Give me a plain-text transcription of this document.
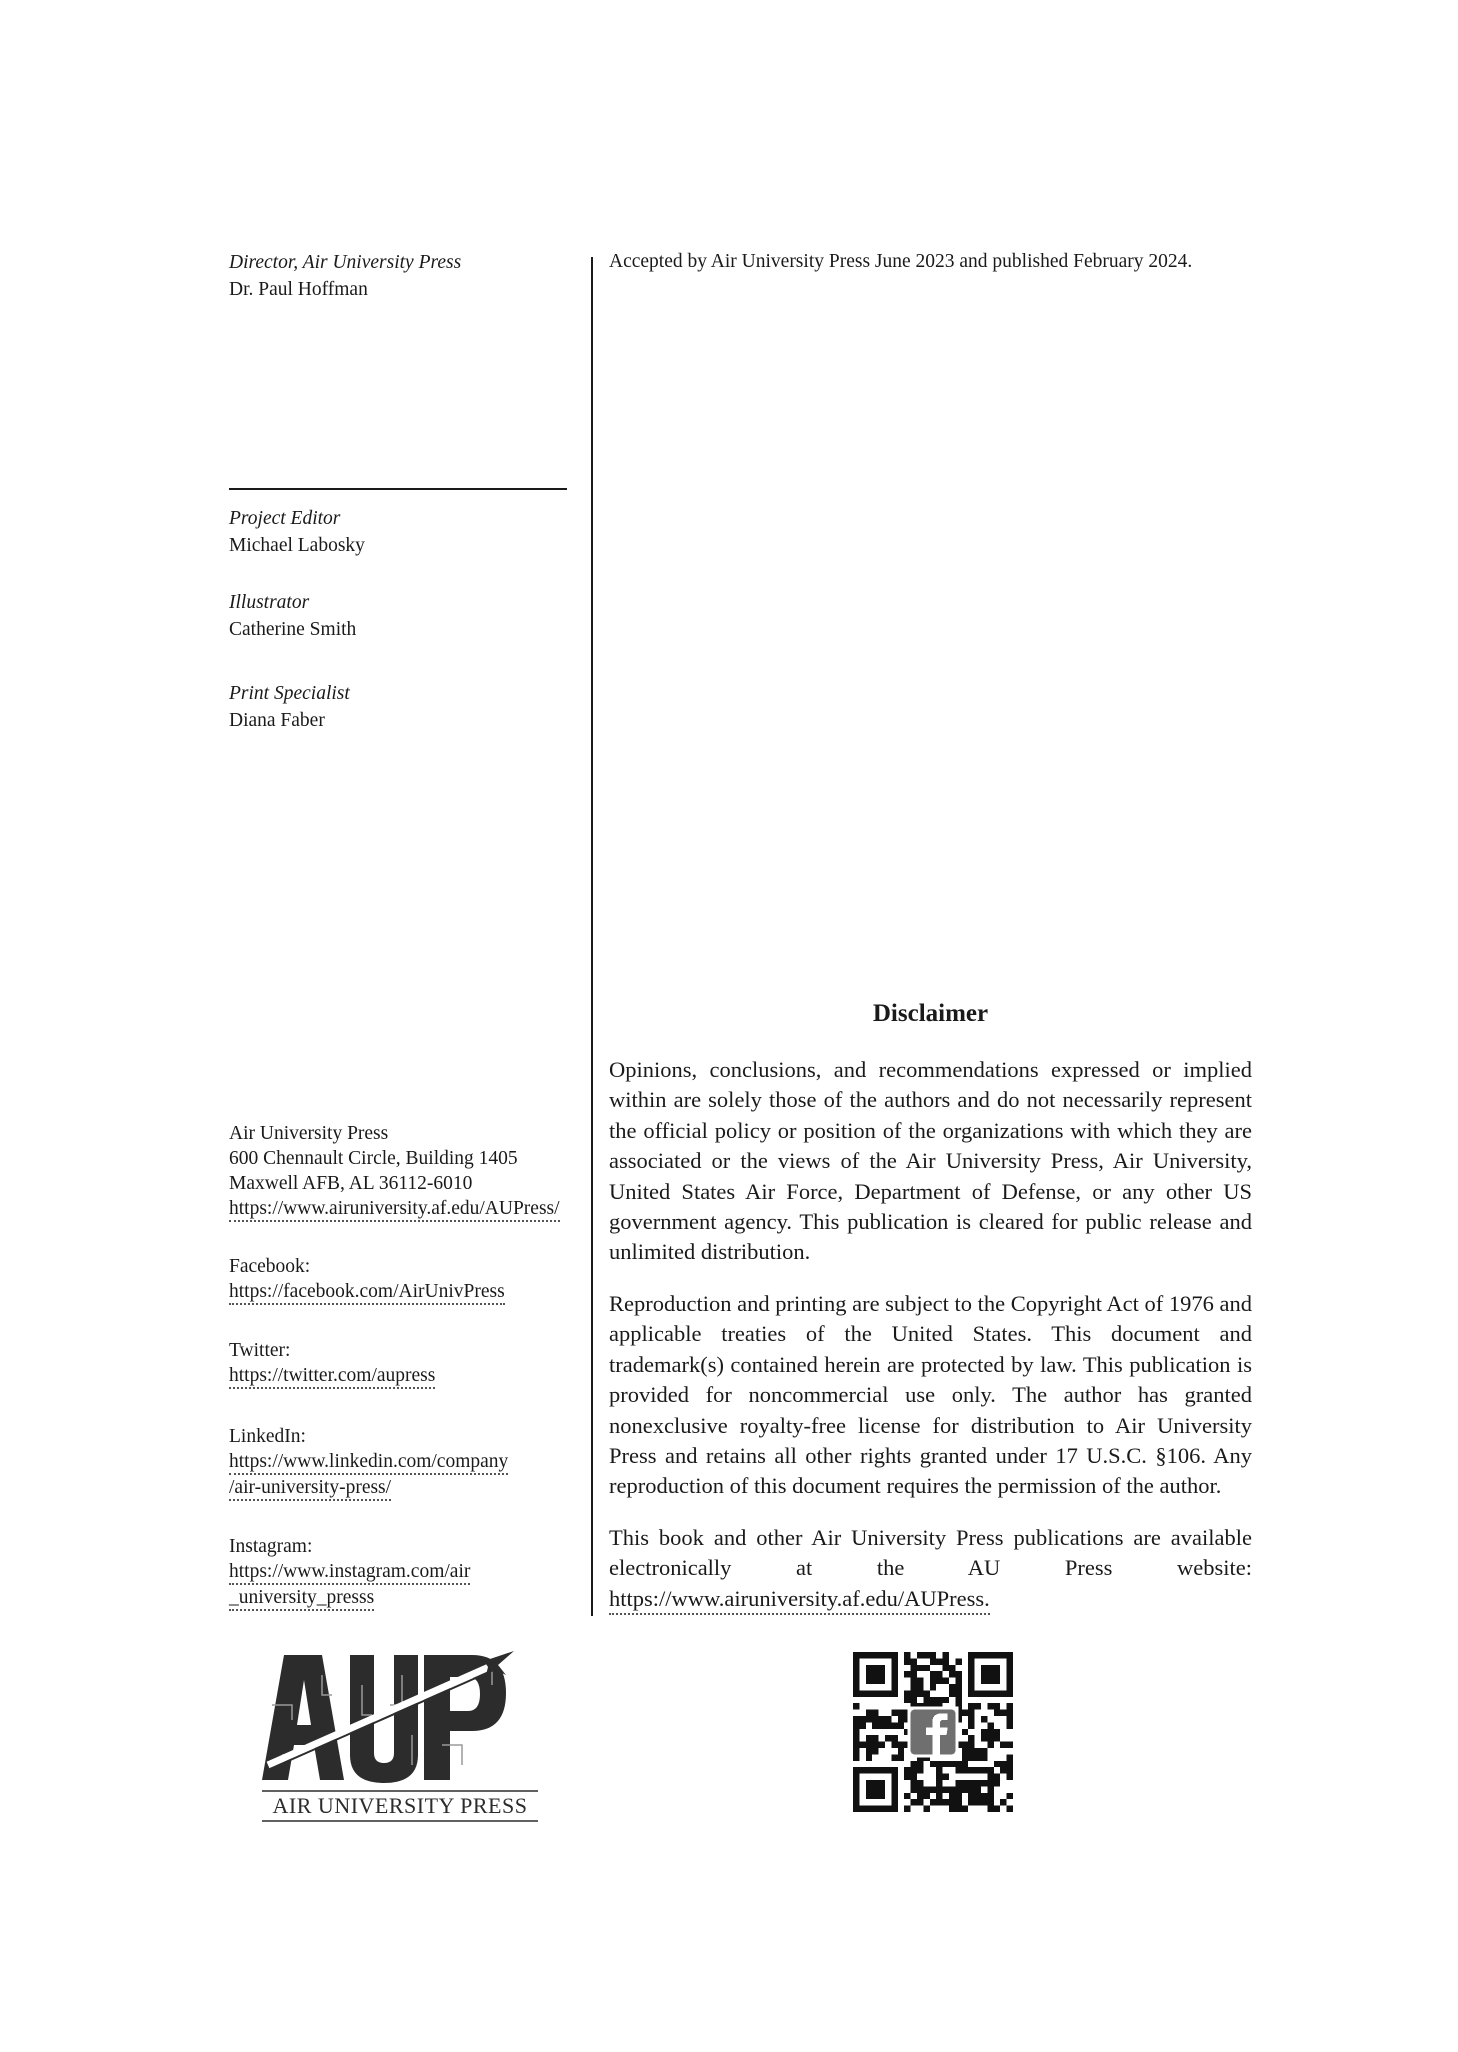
Director, Air University Press
Dr. Paul Hoffman
Project Editor
Michael Labosky
Illustrator
Catherine Smith
Print Specialist
Diana Faber
Air University Press
600 Chennault Circle, Building 1405
Maxwell AFB, AL 36112-6010
https://www.airuniversity.af.edu/AUPress/
Facebook:
https://facebook.com/AirUnivPress
Twitter:
https://twitter.com/aupress
LinkedIn:
https://www.linkedin.com/company
/air-university-press/
Instagram:
https://www.instagram.com/air
_university_presss
Accepted by Air University Press June 2023 and published February 2024.
Disclaimer

Opinions, conclusions, and recommendations expressed or implied within are solely those of the authors and do not necessarily represent the official policy or position of the organizations with which they are associated or the views of the Air University Press, Air University, United States Air Force, Department of Defense, or any other US government agency. This publication is cleared for public release and unlimited distribution.

Reproduction and printing are subject to the Copyright Act of 1976 and applicable treaties of the United States. This document and trademark(s) contained herein are protected by law. This publication is provided for noncommercial use only. The author has granted nonexclusive royalty-free license for distribution to Air University Press and retains all other rights granted under 17 U.S.C. §106. Any reproduction of this document requires the permission of the author.

This book and other Air University Press publications are available electronically at the AU Press website: https://www.airuniversity.af.edu/AUPress.

AIR UNIVERSITY PRESS
